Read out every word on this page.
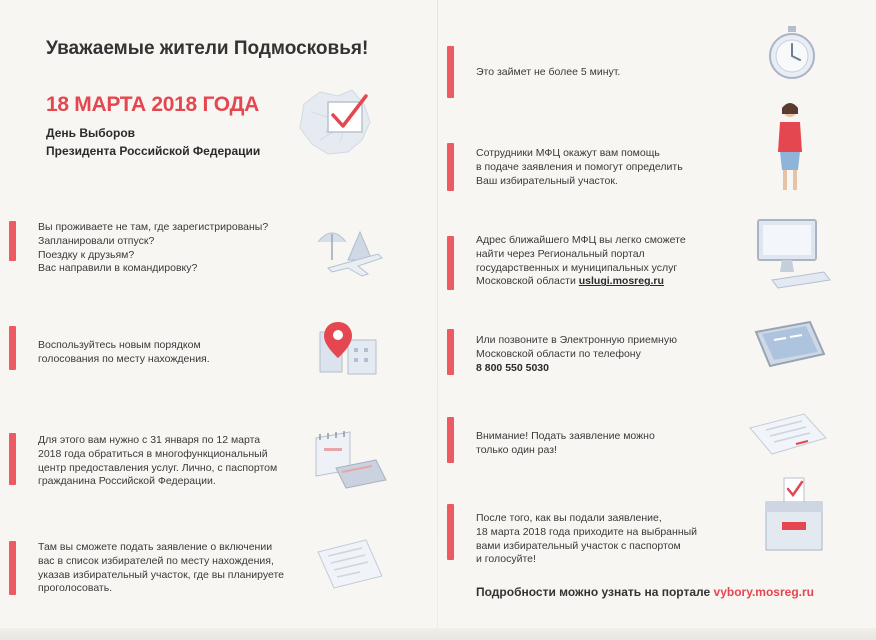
Уважаемые жители Подмосковья!
18 МАРТА 2018 ГОДА

День Выборов
Президента Российской Федерации

Вы проживаете не там, где зарегистрированы?
Запланировали отпуск?
Поездку к друзьям?
Вас направили в командировку?
Воспользуйтесь новым порядком
голосования по месту нахождения.
Для этого вам нужно с 31 января по 12 марта
2018 года обратиться в многофункциональный
центр предоставления услуг. Лично, с паспортом
гражданина Российской Федерации.
Там вы сможете подать заявление о включении
вас в список избирателей по месту нахождения,
указав избирательный участок, где вы планируете
проголосовать.
Это займет не более 5 минут.
Сотрудники МФЦ окажут вам помощь
в подаче заявления и помогут определить
Ваш избирательный участок.
Адрес ближайшего МФЦ вы легко сможете
найти через Региональный портал
государственных и муниципальных услуг
Московской области uslugi.mosreg.ru
Или позвоните в Электронную приемную
Московской области по телефону
8 800 550 5030
Внимание! Подать заявление можно
только один раз!
После того, как вы подали заявление,
18 марта 2018 года приходите на выбранный
вами избирательный участок с паспортом
и голосуйте!
Подробности можно узнать на портале vybory.mosreg.ru
